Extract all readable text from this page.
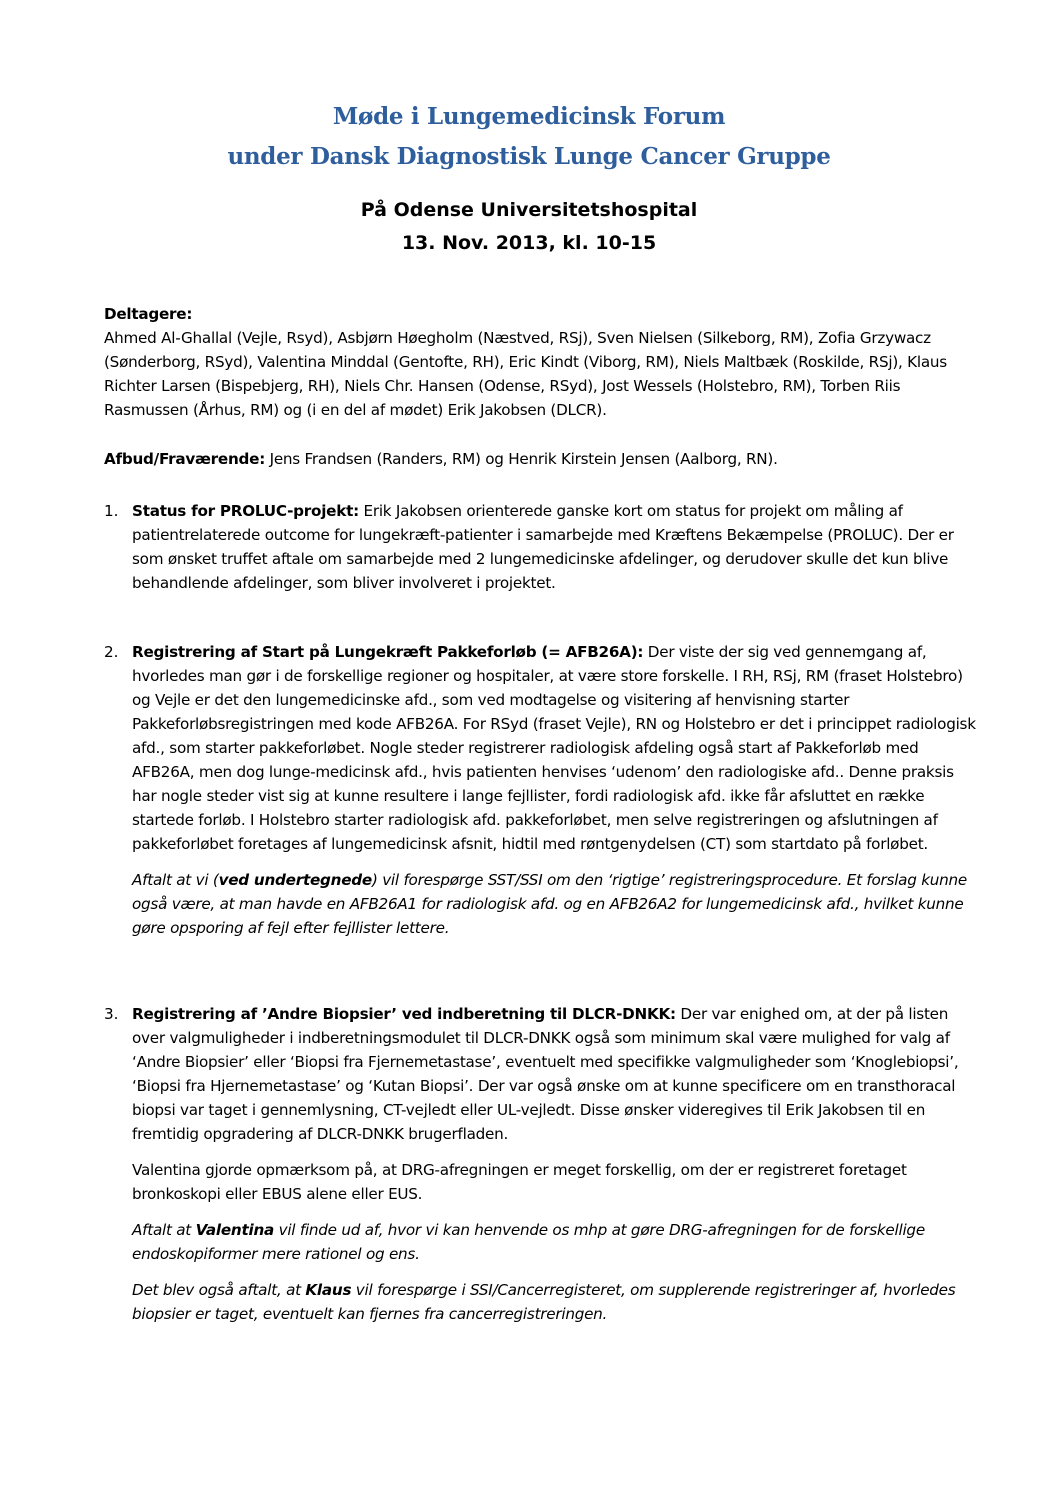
Møde i Lungemedicinsk Forum
under Dansk Diagnostisk Lunge Cancer Gruppe
På Odense Universitetshospital
13. Nov. 2013, kl. 10-15

Deltagere:

Ahmed Al-Ghallal (Vejle, Rsyd), Asbjørn Høegholm (Næstved, RSj), Sven Nielsen (Silkeborg, RM), Zofia Grzywacz (Sønderborg, RSyd), Valentina Minddal (Gentofte, RH), Eric Kindt (Viborg, RM), Niels Maltbæk (Roskilde, RSj), Klaus Richter Larsen (Bispebjerg, RH), Niels Chr. Hansen (Odense, RSyd), Jost Wessels (Holstebro, RM), Torben Riis Rasmussen (Århus, RM) og (i en del af mødet) Erik Jakobsen (DLCR).

Afbud/Fraværende: Jens Frandsen (Randers, RM) og Henrik Kirstein Jensen (Aalborg, RN).

1. Status for PROLUC-projekt: Erik Jakobsen orienterede ganske kort om status for projekt om måling af patientrelaterede outcome for lungekræft-patienter i samarbejde med Kræftens Bekæmpelse (PROLUC). Der er som ønsket truffet aftale om samarbejde med 2 lungemedicinske afdelinger, og derudover skulle det kun blive behandlende afdelinger, som bliver involveret i projektet.

2. Registrering af Start på Lungekræft Pakkeforløb (= AFB26A): Der viste der sig ved gennemgang af, hvorledes man gør i de forskellige regioner og hospitaler, at være store forskelle. I RH, RSj, RM (fraset Holstebro) og Vejle er det den lungemedicinske afd., som ved modtagelse og visitering af henvisning starter Pakkeforløbsregistringen med kode AFB26A. For RSyd (fraset Vejle), RN og Holstebro er det i princippet radiologisk afd., som starter pakkeforløbet. Nogle steder registrerer radiologisk afdeling også start af Pakkeforløb med AFB26A, men dog lunge-medicinsk afd., hvis patienten henvises ‘udenom’ den radiologiske afd.. Denne praksis har nogle steder vist sig at kunne resultere i lange fejllister, fordi radiologisk afd. ikke får afsluttet en række startede forløb. I Holstebro starter radiologisk afd. pakkeforløbet, men selve registreringen og afslutningen af pakkeforløbet foretages af lungemedicinsk afsnit, hidtil med røntgenydelsen (CT) som startdato på forløbet.

Aftalt at vi (ved undertegnede) vil forespørge SST/SSI om den ‘rigtige’ registreringsprocedure. Et forslag kunne også være, at man havde en AFB26A1 for radiologisk afd. og en AFB26A2 for lungemedicinsk afd., hvilket kunne gøre opsporing af fejl efter fejllister lettere.

3. Registrering af ’Andre Biopsier’ ved indberetning til DLCR-DNKK: Der var enighed om, at der på listen over valgmuligheder i indberetningsmodulet til DLCR-DNKK også som minimum skal være mulighed for valg af ‘Andre Biopsier’ eller ‘Biopsi fra Fjernemetastase’, eventuelt med specifikke valgmuligheder som ‘Knoglebiopsi’, ‘Biopsi fra Hjernemetastase’ og ‘Kutan Biopsi’. Der var også ønske om at kunne specificere om en transthoracal biopsi var taget i gennemlysning, CT-vejledt eller UL-vejledt. Disse ønsker videregives til Erik Jakobsen til en fremtidig opgradering af DLCR-DNKK brugerfladen.

Valentina gjorde opmærksom på, at DRG-afregningen er meget forskellig, om der er registreret foretaget bronkoskopi eller EBUS alene eller EUS.

Aftalt at Valentina vil finde ud af, hvor vi kan henvende os mhp at gøre DRG-afregningen for de forskellige endoskopiformer mere rationel og ens.

Det blev også aftalt, at Klaus vil forespørge i SSI/Cancerregisteret, om supplerende registreringer af, hvorledes biopsier er taget, eventuelt kan fjernes fra cancerregistreringen.
